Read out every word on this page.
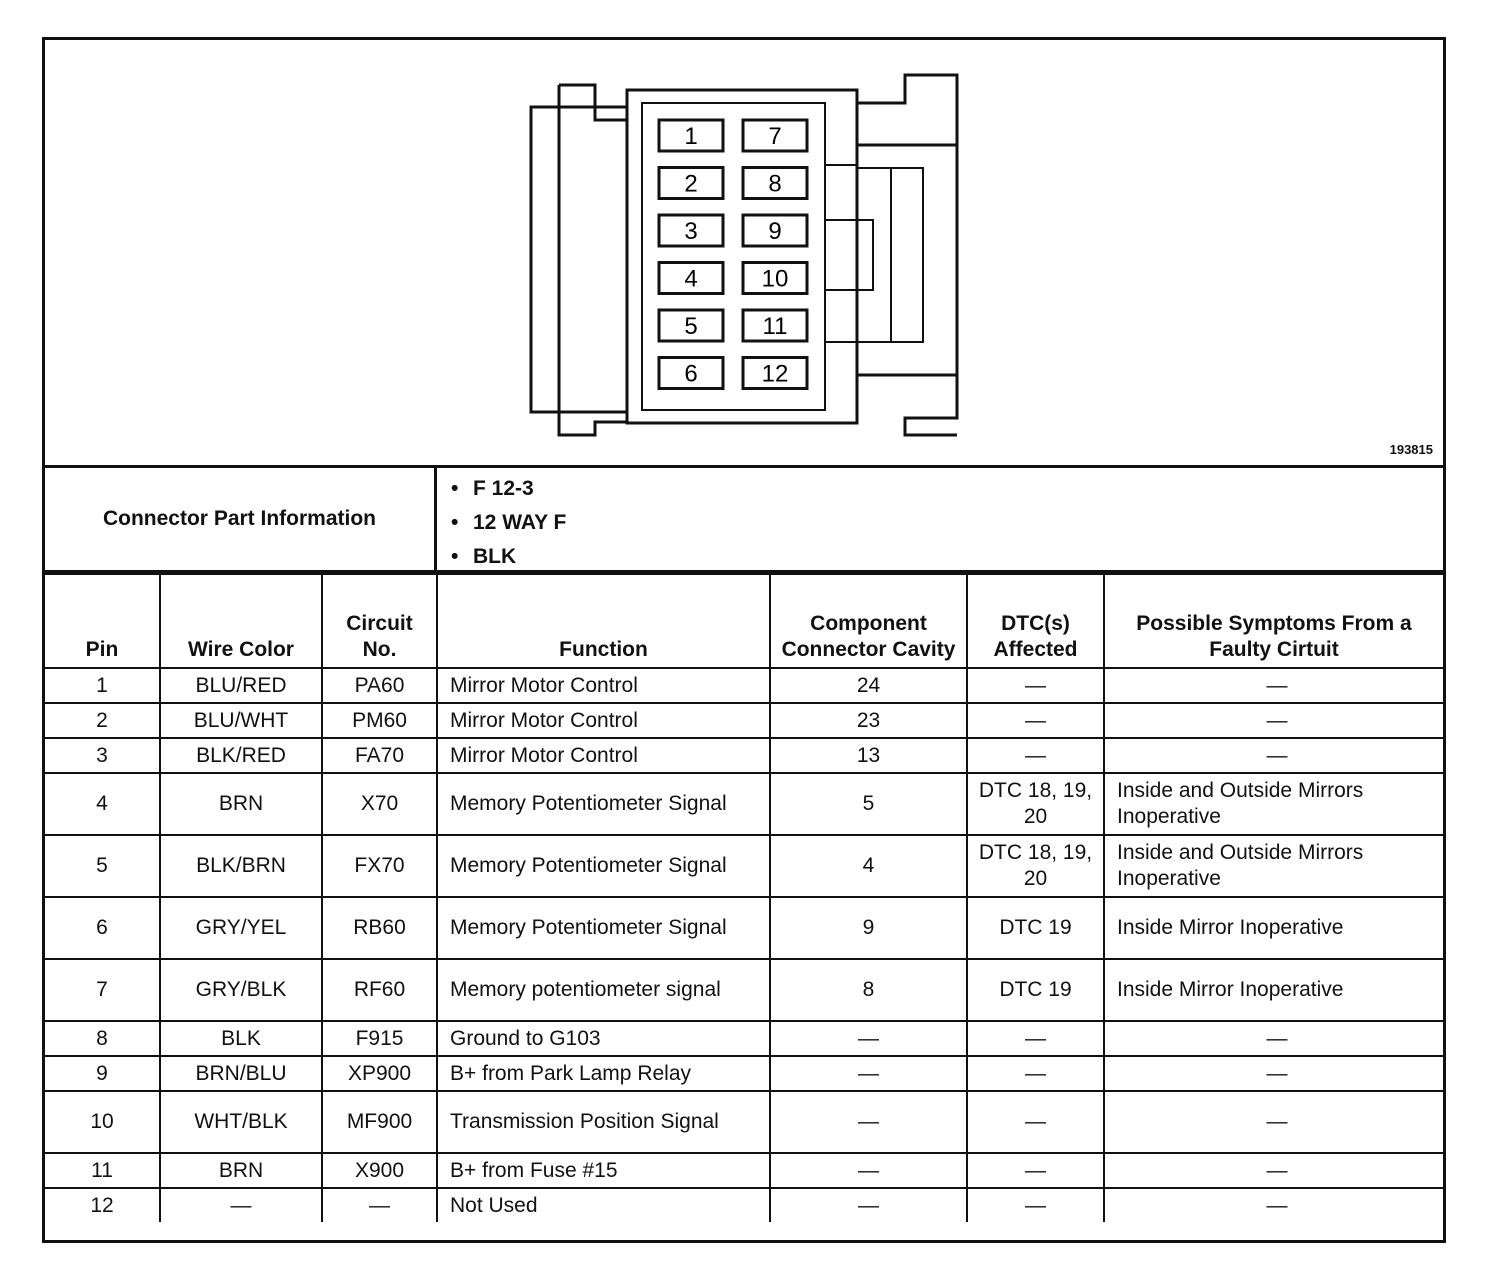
1
2
3
4
5
6
7
8
9
10
11
12
193815
Connector Part Information
• F 12-3
• 12 WAY F
• BLK
Pin	Wire Color	Circuit No.	Function	Component Connector Cavity	DTC(s) Affected	Possible Symptoms From a Faulty Cirtuit
1	BLU/RED	PA60	Mirror Motor Control	24	—	—
2	BLU/WHT	PM60	Mirror Motor Control	23	—	—
3	BLK/RED	FA70	Mirror Motor Control	13	—	—
4	BRN	X70	Memory Potentiometer Signal	5	DTC 18, 19, 20	Inside and Outside Mirrors Inoperative
5	BLK/BRN	FX70	Memory Potentiometer Signal	4	DTC 18, 19, 20	Inside and Outside Mirrors Inoperative
6	GRY/YEL	RB60	Memory Potentiometer Signal	9	DTC 19	Inside Mirror Inoperative
7	GRY/BLK	RF60	Memory potentiometer signal	8	DTC 19	Inside Mirror Inoperative
8	BLK	F915	Ground to G103	—	—	—
9	BRN/BLU	XP900	B+ from Park Lamp Relay	—	—	—
10	WHT/BLK	MF900	Transmission Position Signal	—	—	—
11	BRN	X900	B+ from Fuse #15	—	—	—
12	—	—	Not Used	—	—	—
